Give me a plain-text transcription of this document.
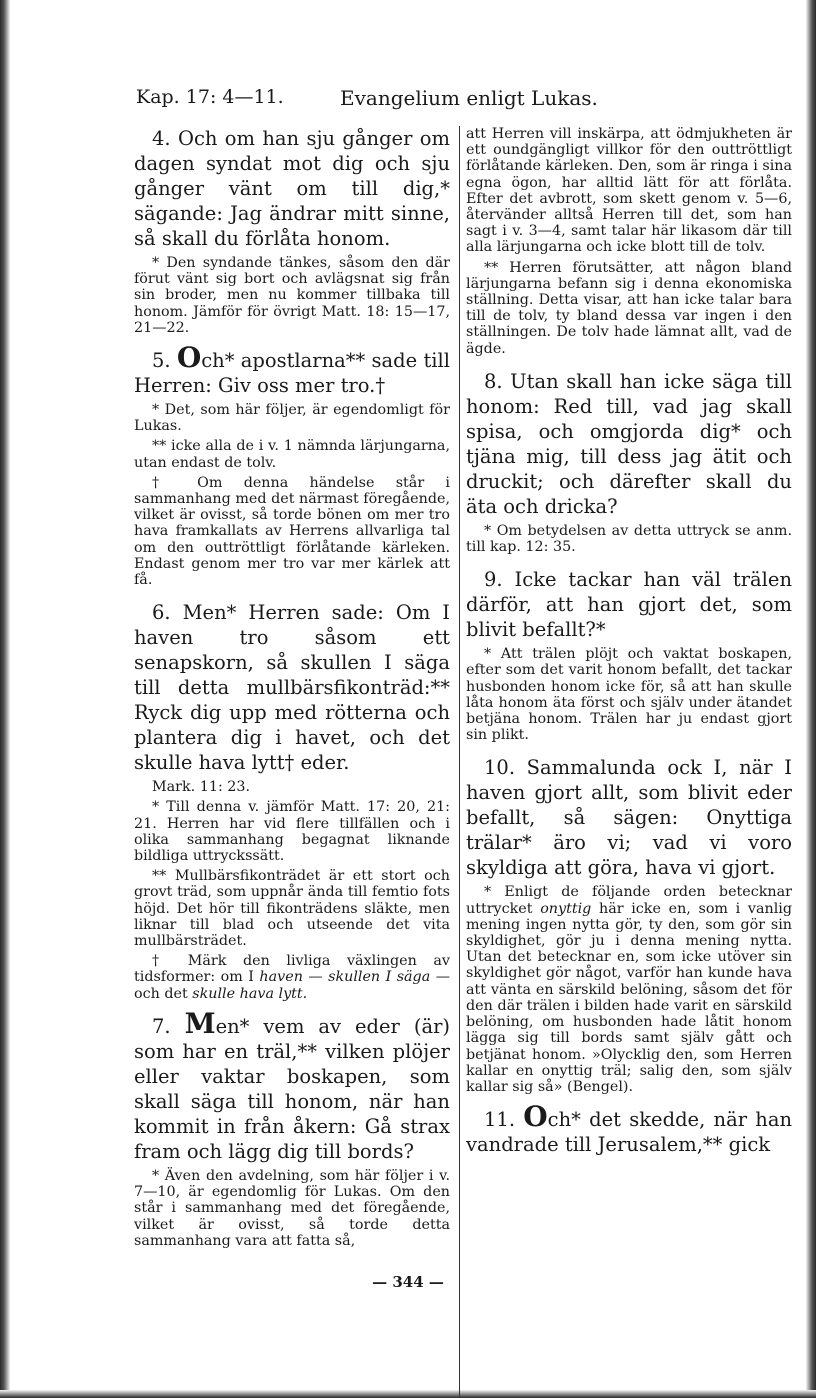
Kap. 17: 4—11.	Evangelium enligt Lukas.

4. Och om han sju gånger om dagen syndat mot dig och sju gånger vänt om till dig,* sägande: Jag ändrar mitt sinne, så skall du förlåta honom.

* Den syndande tänkes, såsom den där förut vänt sig bort och avlägsnat sig från sin broder, men nu kommer tillbaka till honom. Jämför för övrigt Matt. 18: 15—17, 21—22.

5. Och* apostlarna** sade till Herren: Giv oss mer tro.†

* Det, som här följer, är egendomligt för Lukas.

** icke alla de i v. 1 nämnda lärjungarna, utan endast de tolv.

† Om denna händelse står i sammanhang med det närmast föregående, vilket är ovisst, så torde bönen om mer tro hava framkallats av Herrens allvarliga tal om den outtröttligt förlåtande kärleken. Endast genom mer tro var mer kärlek att få.

6. Men* Herren sade: Om I haven tro såsom ett senapskorn, så skullen I säga till detta mullbärsfikonträd:** Ryck dig upp med rötterna och plantera dig i havet, och det skulle hava lytt† eder.

Mark. 11: 23.

* Till denna v. jämför Matt. 17: 20, 21: 21. Herren har vid flere tillfällen och i olika sammanhang begagnat liknande bildliga uttryckssätt.

** Mullbärsfikonträdet är ett stort och grovt träd, som uppnår ända till femtio fots höjd. Det hör till fikonträdens släkte, men liknar till blad och utseende det vita mullbärsträdet.

† Märk den livliga växlingen av tidsformer: om I haven — skullen I säga — och det skulle hava lytt.

7. Men* vem av eder (är) som har en träl,** vilken plöjer eller vaktar boskapen, som skall säga till honom, när han kommit in från åkern: Gå strax fram och lägg dig till bords?

* Även den avdelning, som här följer i v. 7—10, är egendomlig för Lukas. Om den står i sammanhang med det föregående, vilket är ovisst, så torde detta sammanhang vara att fatta så,

att Herren vill inskärpa, att ödmjukheten är ett oundgängligt villkor för den outtröttligt förlåtande kärleken. Den, som är ringa i sina egna ögon, har alltid lätt för att förlåta. Efter det avbrott, som skett genom v. 5—6, återvänder alltså Herren till det, som han sagt i v. 3—4, samt talar här likasom där till alla lärjungarna och icke blott till de tolv.

** Herren förutsätter, att någon bland lärjungarna befann sig i denna ekonomiska ställning. Detta visar, att han icke talar bara till de tolv, ty bland dessa var ingen i den ställningen. De tolv hade lämnat allt, vad de ägde.

8. Utan skall han icke säga till honom: Red till, vad jag skall spisa, och omgjorda dig* och tjäna mig, till dess jag ätit och druckit; och därefter skall du äta och dricka?

* Om betydelsen av detta uttryck se anm. till kap. 12: 35.

9. Icke tackar han väl trälen därför, att han gjort det, som blivit befallt?*

* Att trälen plöjt och vaktat boskapen, efter som det varit honom befallt, det tackar husbonden honom icke för, så att han skulle låta honom äta först och själv under ätandet betjäna honom. Trälen har ju endast gjort sin plikt.

10. Sammalunda ock I, när I haven gjort allt, som blivit eder befallt, så sägen: Onyttiga trälar* äro vi; vad vi voro skyldiga att göra, hava vi gjort.

* Enligt de följande orden betecknar uttrycket onyttig här icke en, som i vanlig mening ingen nytta gör, ty den, som gör sin skyldighet, gör ju i denna mening nytta. Utan det betecknar en, som icke utöver sin skyldighet gör något, varför han kunde hava att vänta en särskild belöning, såsom det för den där trälen i bilden hade varit en särskild belöning, om husbonden hade låtit honom lägga sig till bords samt själv gått och betjänat honom. »Olycklig den, som Herren kallar en onyttig träl; salig den, som själv kallar sig så» (Bengel).

11. Och* det skedde, när han vandrade till Jerusalem,** gick

— 344 —
